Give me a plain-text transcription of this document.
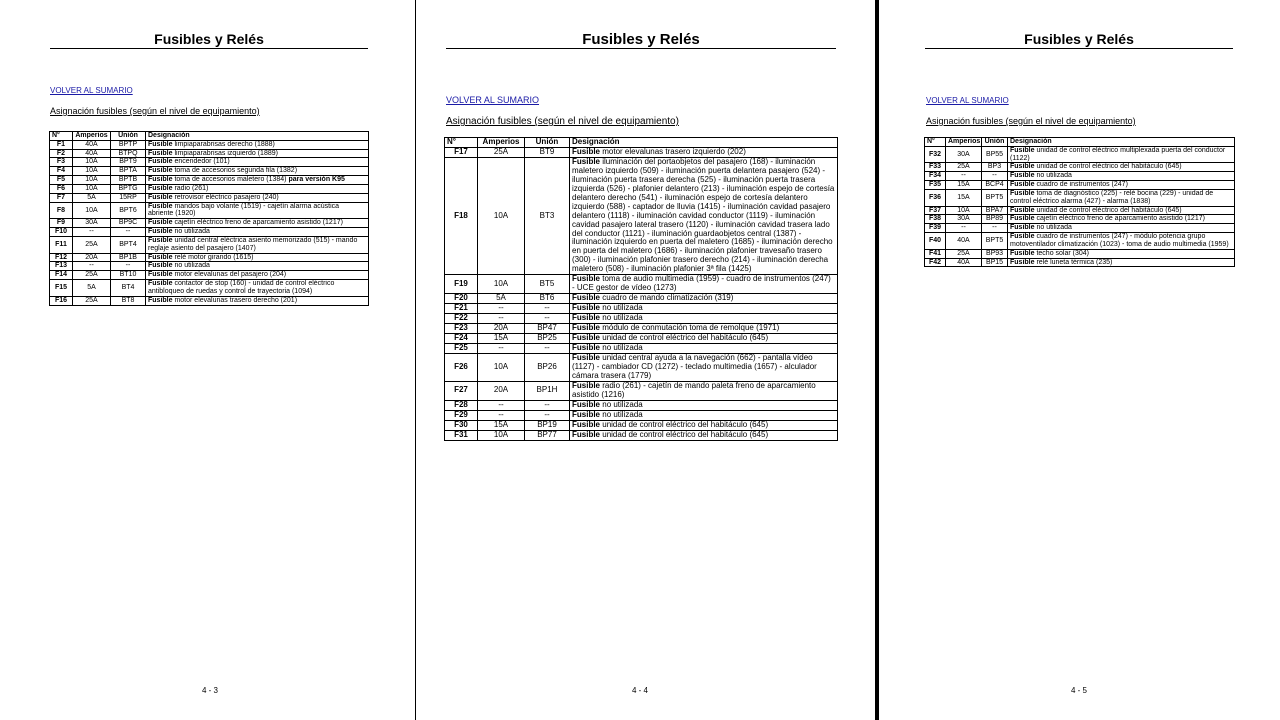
Fusibles y Relés
VOLVER AL SUMARIO
Asignación fusibles (según el nivel de equipamiento)
N°	Amperios	Unión	Designación
F1	40A	BPTP	Fusible limpiaparabrisas derecho (1888)
F2	40A	BTPQ	Fusible limpiaparabrisas izquierdo (1889)
F3	10A	BPT9	Fusible encendedor (101)
F4	10A	BPTA	Fusible toma de accesorios segunda fila (1382)
F5	10A	BPTB	Fusible toma de accesorios maletero (1384) para versión K95
F6	10A	BPTG	Fusible radio (261)
F7	5A	15RP	Fusible retrovisor eléctrico pasajero (240)
F8	10A	BPT6	Fusible mandos bajo volante (1519) - cajetín alarma acústica abriente (1920)
F9	30A	BP9C	Fusible cajetín eléctrico freno de aparcamiento asistido (1217)
F10	--	--	Fusible no utilizada
F11	25A	BPT4	Fusible unidad central eléctrica asiento memorizado (515) - mando reglaje asiento del pasajero (1407)
F12	20A	BP1B	Fusible relé motor girando (1615)
F13	--	--	Fusible no utilizada
F14	25A	BT10	Fusible motor elevalunas del pasajero (204)
F15	5A	BT4	Fusible contactor de stop (160) - unidad de control eléctrico antibloqueo de ruedas y control de trayectoria (1094)
F16	25A	BT8	Fusible motor elevalunas trasero derecho (201)
4 - 3
Fusibles y Relés
VOLVER AL SUMARIO
Asignación fusibles (según el nivel de equipamiento)
N°	Amperios	Unión	Designación
F17	25A	BT9	Fusible motor elevalunas trasero izquierdo (202)
F18	10A	BT3	Fusible iluminación del portaobjetos del pasajero (168) - iluminación maletero izquierdo (509) - iluminación puerta delantera pasajero (524) - iluminación puerta trasera derecha (525) - iluminación puerta trasera izquierda (526) - plafonier delantero (213) - iluminación espejo de cortesía delantero derecho (541) - iluminación espejo de cortesía delantero izquierdo (588) - captador de lluvia (1415) - iluminación cavidad pasajero delantero (1118) - iluminación cavidad conductor (1119) - iluminación cavidad pasajero lateral trasero (1120) - iluminación cavidad trasera lado del conductor (1121) - iluminación guardaobjetos central (1387) - iluminación izquierdo en puerta del maletero (1685) - iluminación derecho en puerta del maletero (1686) - iluminación plafonier travesaño trasero (300) - iluminación plafonier trasero derecho (214) - iluminación derecha maletero (508) - iluminación plafonier 3ª fila (1425)
F19	10A	BT5	Fusible toma de audio multimedia (1959) - cuadro de instrumentos (247) - UCE gestor de vídeo (1273)
F20	5A	BT6	Fusible cuadro de mando climatización (319)
F21	--	--	Fusible no utilizada
F22	--	--	Fusible no utilizada
F23	20A	BP47	Fusible módulo de conmutación toma de remolque (1971)
F24	15A	BP25	Fusible unidad de control eléctrico del habitáculo (645)
F25	--	--	Fusible no utilizada
F26	10A	BP26	Fusible unidad central ayuda a la navegación (662) - pantalla vídeo (1127) - cambiador CD (1272) - teclado multimedia (1657) - alculador cámara trasera (1779)
F27	20A	BP1H	Fusible radio (261) - cajetín de mando paleta freno de aparcamiento asistido (1216)
F28	--	--	Fusible no utilizada
F29	--	--	Fusible no utilizada
F30	15A	BP19	Fusible unidad de control eléctrico del habitáculo (645)
F31	10A	BP77	Fusible unidad de control eléctrico del habitáculo (645)
4 - 4
Fusibles y Relés
VOLVER AL SUMARIO
Asignación fusibles (según el nivel de equipamiento)
N°	Amperios	Unión	Designación
F32	30A	BP55	Fusible unidad de control eléctrico multiplexada puerta del conductor (1122)
F33	25A	BP3	Fusible unidad de control eléctrico del habitáculo (645)
F34	--	--	Fusible no utilizada
F35	15A	BCP4	Fusible cuadro de instrumentos (247)
F36	15A	BPT5	Fusible toma de diagnóstico (225) - relé bocina (229) - unidad de control eléctrico alarma (427) - alarma (1838)
F37	10A	BPA7	Fusible unidad de control eléctrico del habitáculo (645)
F38	30A	BP89	Fusible cajetín eléctrico freno de aparcamiento asistido (1217)
F39	--	--	Fusible no utilizada
F40	40A	BPT5	Fusible cuadro de instrumentos (247) - módulo potencia grupo motoventilador climatización (1023) - toma de audio multimedia (1959)
F41	25A	BP93	Fusible techo solar (304)
F42	40A	BP15	Fusible relé luneta térmica (235)
4 - 5
